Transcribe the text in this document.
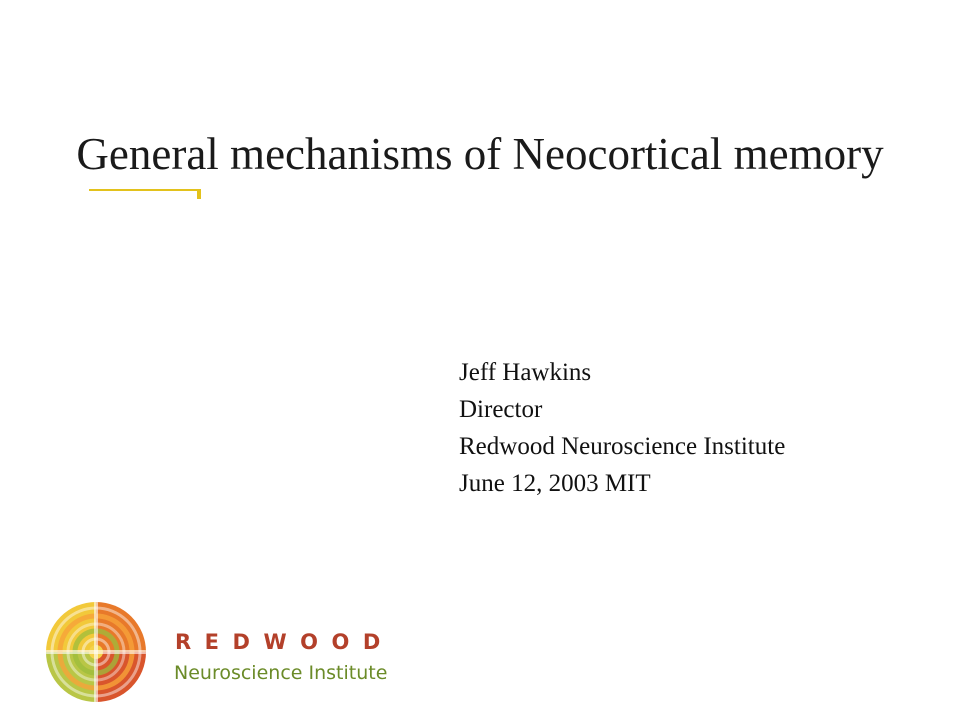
General mechanisms of Neocortical memory
Jeff Hawkins
Director
Redwood Neuroscience Institute
June 12, 2003 MIT
REDWOOD
Neuroscience Institute
